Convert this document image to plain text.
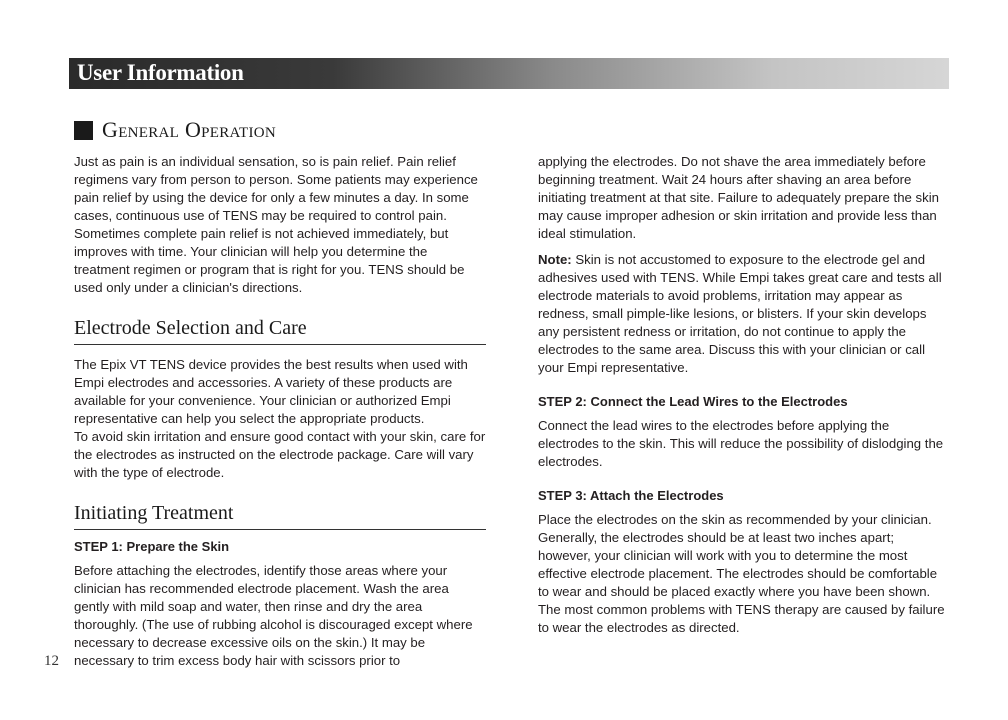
User Information
General Operation

Just as pain is an individual sensation, so is pain relief. Pain relief regimens vary from person to person. Some patients may experience pain relief by using the device for only a few minutes a day. In some cases, continuous use of TENS may be required to control pain. Sometimes complete pain relief is not achieved immediately, but improves with time. Your clinician will help you determine the treatment regimen or program that is right for you. TENS should be used only under a clinician's directions.

Electrode Selection and Care

The Epix VT TENS device provides the best results when used with Empi electrodes and accessories. A variety of these products are available for your convenience. Your clinician or authorized Empi representative can help you select the appropriate products.

To avoid skin irritation and ensure good contact with your skin, care for the electrodes as instructed on the electrode package. Care will vary with the type of electrode.

Initiating Treatment
STEP 1: Prepare the Skin

Before attaching the electrodes, identify those areas where your clinician has recommended electrode placement. Wash the area gently with mild soap and water, then rinse and dry the area thoroughly. (The use of rubbing alcohol is discouraged except where necessary to decrease excessive oils on the skin.) It may be necessary to trim excess body hair with scissors prior to

applying the electrodes. Do not shave the area immediately before beginning treatment. Wait 24 hours after shaving an area before initiating treatment at that site. Failure to adequately prepare the skin may cause improper adhesion or skin irritation and provide less than ideal stimulation.

Note: Skin is not accustomed to exposure to the electrode gel and adhesives used with TENS. While Empi takes great care and tests all electrode materials to avoid problems, irritation may appear as redness, small pimple-like lesions, or blisters. If your skin develops any persistent redness or irritation, do not continue to apply the electrodes to the same area. Discuss this with your clinician or call your Empi representative.

STEP 2: Connect the Lead Wires to the Electrodes

Connect the lead wires to the electrodes before applying the electrodes to the skin. This will reduce the possibility of dislodging the electrodes.

STEP 3: Attach the Electrodes

Place the electrodes on the skin as recommended by your clinician. Generally, the electrodes should be at least two inches apart; however, your clinician will work with you to determine the most effective electrode placement. The electrodes should be comfortable to wear and should be placed exactly where you have been shown. The most common problems with TENS therapy are caused by failure to wear the electrodes as directed.

12
